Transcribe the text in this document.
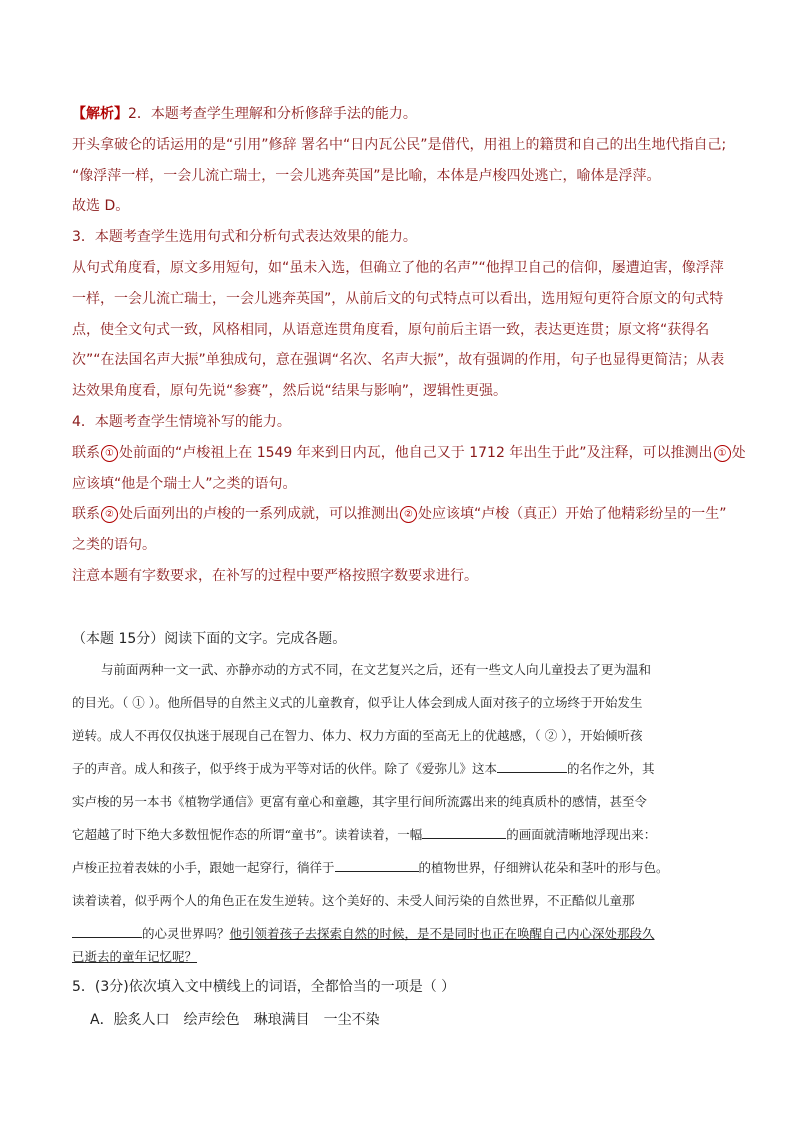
【解析】2．本题考查学生理解和分析修辞手法的能力。

开头拿破仑的话运用的是“引用”修辞 署名中“日内瓦公民”是借代，用祖上的籍贯和自己的出生地代指自己;

“像浮萍一样，一会儿流亡瑞士，一会儿逃奔英国”是比喻，本体是卢梭四处逃亡，喻体是浮萍。

故选 D。

3．本题考查学生选用句式和分析句式表达效果的能力。

从句式角度看，原文多用短句，如“虽未入选，但确立了他的名声”“他捍卫自己的信仰，屡遭迫害，像浮萍

一样，一会儿流亡瑞士，一会儿逃奔英国”，从前后文的句式特点可以看出，选用短句更符合原文的句式特

点，使全文句式一致，风格相同，从语意连贯角度看，原句前后主语一致，表达更连贯；原文将“获得名

次”“在法国名声大振”单独成句，意在强调“名次、名声大振”，故有强调的作用，句子也显得更简洁；从表

达效果角度看，原句先说“参赛”，然后说“结果与影响”，逻辑性更强。

4．本题考查学生情境补写的能力。

联系 ① 处前面的“卢梭祖上在 1549 年来到日内瓦，他自己又于 1712 年出生于此”及注释，可以推测出 ① 处

应该填“他是个瑞士人”之类的语句。

联系 ② 处后面列出的卢梭的一系列成就，可以推测出 ② 处应该填“卢梭（真正）开始了他精彩纷呈的一生”

之类的语句。

注意本题有字数要求，在补写的过程中要严格按照字数要求进行。

（本题 15分）阅读下面的文字。完成各题。

与前面两种一文一武、亦静亦动的方式不同，在文艺复兴之后，还有一些文人向儿童投去了更为温和

的目光。（ ① ）。他所倡导的自然主义式的儿童教育，似乎让人体会到成人面对孩子的立场终于开始发生

逆转。成人不再仅仅执迷于展现自己在智力、体力、权力方面的至高无上的优越感，（ ② ），开始倾听孩

子的声音。成人和孩子，似乎终于成为平等对话的伙伴。除了《爱弥儿》这本	的名作之外，其

实卢梭的另一本书《植物学通信》更富有童心和童趣，其字里行间所流露出来的纯真质朴的感情，甚至令

它超越了时下绝大多数忸怩作态的所谓“童书”。读着读着，一幅	的画面就清晰地浮现出来：

卢梭正拉着表妹的小手，跟她一起穿行，徜徉于	的植物世界，仔细辨认花朵和茎叶的形与色。

读着读着，似乎两个人的角色正在发生逆转。这个美好的、未受人间污染的自然世界，不正酷似儿童那

的心灵世界吗？他引领着孩子去探索自然的时候，是不是同时也正在唤醒自己内心深处那段久

已逝去的童年记忆呢？

5．(3分)依次填入文中横线上的词语，全都恰当的一项是（ ）

A．脍炙人口 绘声绘色 琳琅满目 一尘不染
